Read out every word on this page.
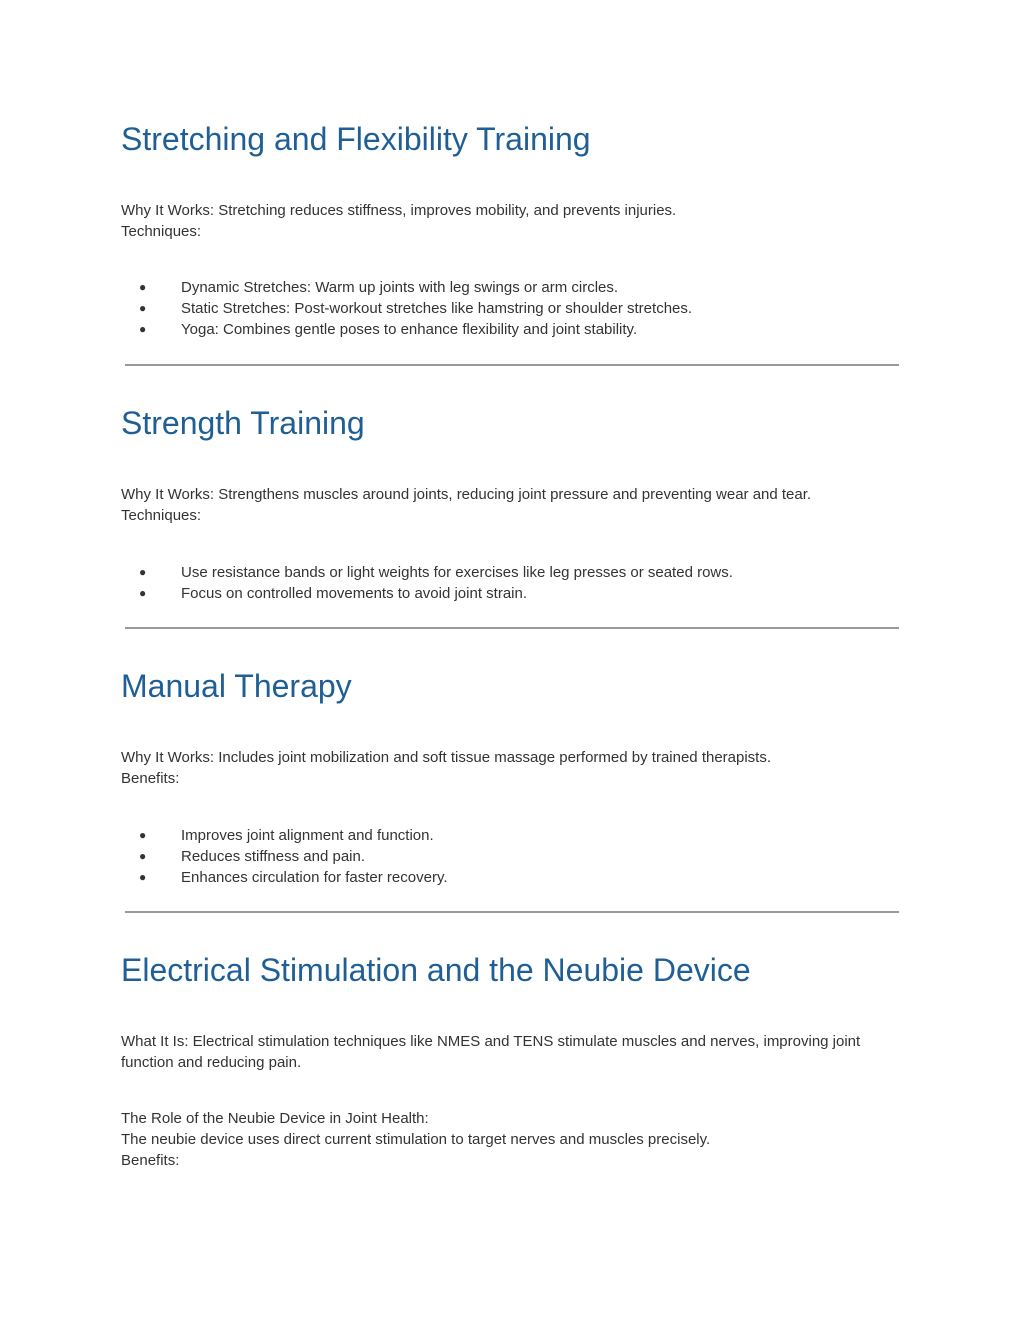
Stretching and Flexibility Training

Why It Works: Stretching reduces stiffness, improves mobility, and prevents injuries.

Techniques:

● Dynamic Stretches: Warm up joints with leg swings or arm circles.
● Static Stretches: Post-workout stretches like hamstring or shoulder stretches.
● Yoga: Combines gentle poses to enhance flexibility and joint stability.
Strength Training

Why It Works: Strengthens muscles around joints, reducing joint pressure and preventing wear and tear.

Techniques:

● Use resistance bands or light weights for exercises like leg presses or seated rows.
● Focus on controlled movements to avoid joint strain.
Manual Therapy

Why It Works: Includes joint mobilization and soft tissue massage performed by trained therapists.

Benefits:

● Improves joint alignment and function.
● Reduces stiffness and pain.
● Enhances circulation for faster recovery.
Electrical Stimulation and the Neubie Device

What It Is: Electrical stimulation techniques like NMES and TENS stimulate muscles and nerves, improving joint

function and reducing pain.

The Role of the Neubie Device in Joint Health:

The neubie device uses direct current stimulation to target nerves and muscles precisely.

Benefits:
